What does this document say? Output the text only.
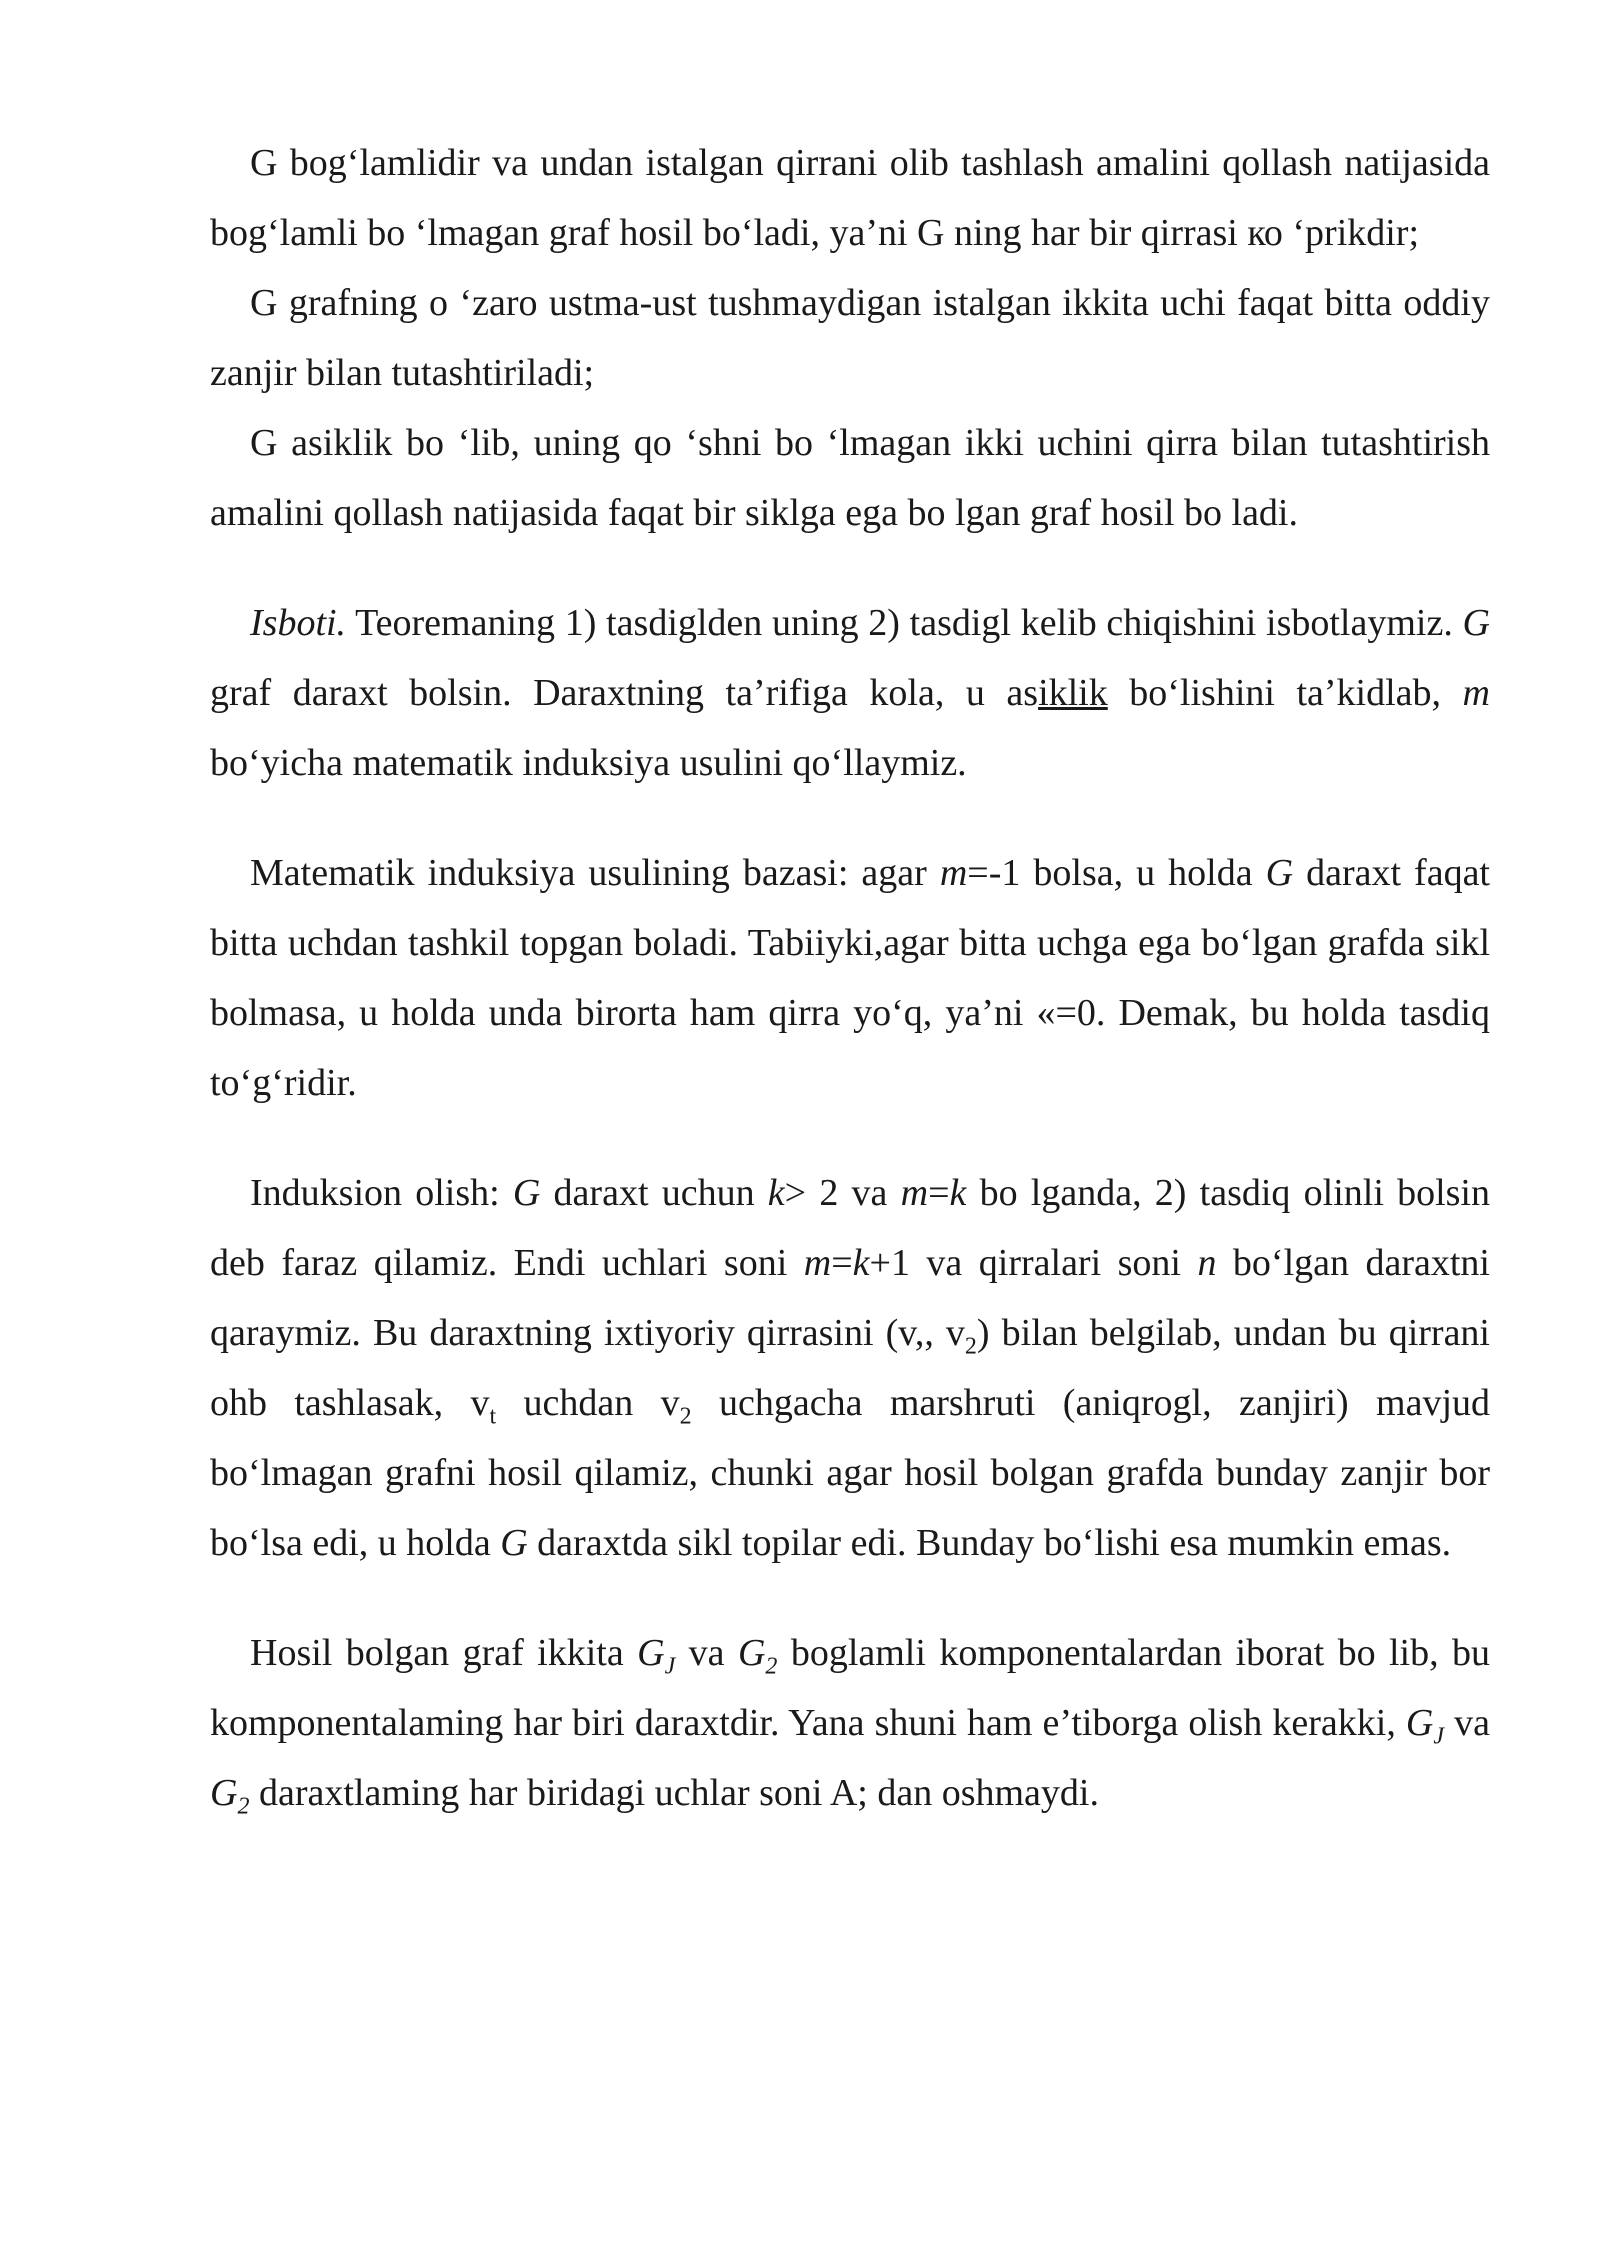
G bog‘lamlidir va undan istalgan qirrani olib tashlash amalini qollash natijasida bog‘lamli bo ‘lmagan graf hosil bo‘ladi, ya’ni G ning har bir qirrasi ко ‘prikdir;

G grafning o ‘zaro ustma-ust tushmaydigan istalgan ikkita uchi faqat bitta oddiy zanjir bilan tutashtiriladi;

G asiklik bo ‘lib, uning qo ‘shni bo ‘lmagan ikki uchini qirra bilan tutashtirish amalini qollash natijasida faqat bir siklga ega bo lgan graf hosil bo ladi.

Isboti. Teoremaning 1) tasdiglden uning 2) tasdigl kelib chiqishini isbotlaymiz. G graf daraxt bolsin. Daraxtning ta’rifiga kola, u asiklik bo‘lishini ta’kidlab, m bo‘yicha matematik induksiya usulini qo‘llaymiz.

Matematik induksiya usulining bazasi: agar m=-1 bolsa, u holda G daraxt faqat bitta uchdan tashkil topgan boladi. Tabiiyki,agar bitta uchga ega bo‘lgan grafda sikl bolmasa, u holda unda birorta ham qirra yo‘q, ya’ni «=0. Demak, bu holda tasdiq to‘g‘ridir.

Induksion olish: G daraxt uchun k> 2 va m=k bo lganda, 2) tasdiq olinli bolsin deb faraz qilamiz. Endi uchlari soni m=k+1 va qirralari soni n bo‘lgan daraxtni qaraymiz. Bu daraxtning ixtiyoriy qirrasini (v,, $v_2$) bilan belgilab, undan bu qirrani ohb tashlasak, $v_t$ uchdan $v_2$ uchgacha marshruti (aniqrogl, zanjiri) mavjud bo‘lmagan grafni hosil qilamiz, chunki agar hosil bolgan grafda bunday zanjir bor bo‘lsa edi, u holda G daraxtda sikl topilar edi. Bunday bo‘lishi esa mumkin emas.

Hosil bolgan graf ikkita $G_J$ va $G_2$ boglamli komponentalardan iborat bo lib, bu komponentalaming har biri daraxtdir. Yana shuni ham e’tiborga olish kerakki, $G_J$ va $G_2$ daraxtlaming har biridagi uchlar soni A; dan oshmaydi.
